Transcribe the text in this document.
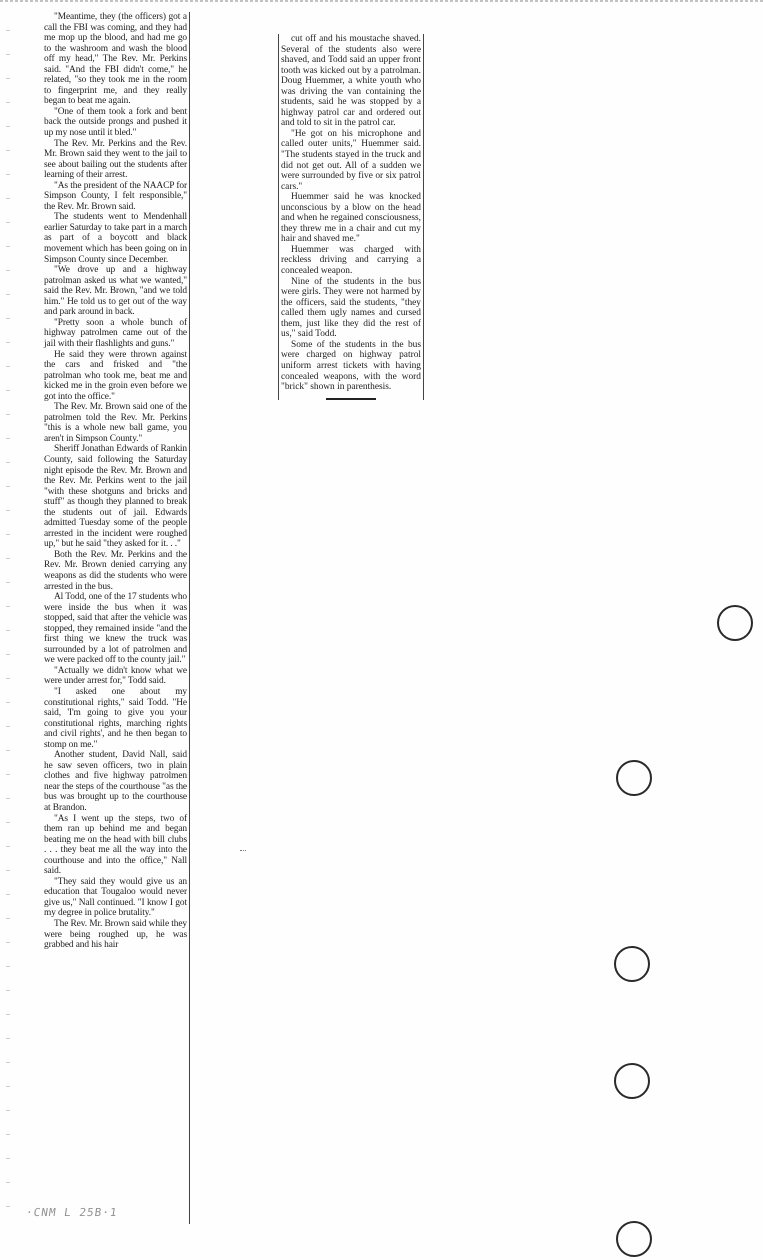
"Meantime, they (the officers) got a call the FBI was coming, and they had me mop up the blood, and had me go to the washroom and wash the blood off my head," The Rev. Mr. Perkins said. "And the FBI didn't come," he related, "so they took me in the room to fingerprint me, and they really began to beat me again.

"One of them took a fork and bent back the outside prongs and pushed it up my nose until it bled."

The Rev. Mr. Perkins and the Rev. Mr. Brown said they went to the jail to see about bailing out the students after learning of their arrest.

"As the president of the NAACP for Simpson County, I felt responsible," the Rev. Mr. Brown said.

The students went to Mendenhall earlier Saturday to take part in a march as part of a boycott and black movement which has been going on in Simpson County since December.

"We drove up and a highway patrolman asked us what we wanted," said the Rev. Mr. Brown, "and we told him." He told us to get out of the way and park around in back.

"Pretty soon a whole bunch of highway patrolmen came out of the jail with their flashlights and guns."

He said they were thrown against the cars and frisked and "the patrolman who took me, beat me and kicked me in the groin even before we got into the office."

The Rev. Mr. Brown said one of the patrolmen told the Rev. Mr. Perkins "this is a whole new ball game, you aren't in Simpson County."

Sheriff Jonathan Edwards of Rankin County, said following the Saturday night episode the Rev. Mr. Brown and the Rev. Mr. Perkins went to the jail "with these shotguns and bricks and stuff" as though they planned to break the students out of jail. Edwards admitted Tuesday some of the people arrested in the incident were roughed up," but he said "they asked for it. . ."

Both the Rev. Mr. Perkins and the Rev. Mr. Brown denied carrying any weapons as did the students who were arrested in the bus.

Al Todd, one of the 17 students who were inside the bus when it was stopped, said that after the vehicle was stopped, they remained inside "and the first thing we knew the truck was surrounded by a lot of patrolmen and we were packed off to the county jail."

"Actually we didn't know what we were under arrest for," Todd said.

"I asked one about my constitutional rights," said Todd. "He said, 'I'm going to give you your constitutional rights, marching rights and civil rights', and he then began to stomp on me."

Another student, David Nall, said he saw seven officers, two in plain clothes and five highway patrolmen near the steps of the courthouse "as the bus was brought up to the courthouse at Brandon.

"As I went up the steps, two of them ran up behind me and began beating me on the head with bill clubs . . . they beat me all the way into the courthouse and into the office," Nall said.

"They said they would give us an education that Tougaloo would never give us," Nall continued. "I know I got my degree in police brutality."

The Rev. Mr. Brown said while they were being roughed up, he was grabbed and his hair

cut off and his moustache shaved. Several of the students also were shaved, and Todd said an upper front tooth was kicked out by a patrolman. Doug Huemmer, a white youth who was driving the van containing the students, said he was stopped by a highway patrol car and ordered out and told to sit in the patrol car.

"He got on his microphone and called outer units," Huemmer said. "The students stayed in the truck and did not get out. All of a sudden we were surrounded by five or six patrol cars."

Huemmer said he was knocked unconscious by a blow on the head and when he regained consciousness, they threw me in a chair and cut my hair and shaved me."

Huemmer was charged with reckless driving and carrying a concealed weapon.

Nine of the students in the bus were girls. They were not harmed by the officers, said the students, "they called them ugly names and cursed them, just like they did the rest of us," said Todd.

Some of the students in the bus were charged on highway patrol uniform arrest tickets with having concealed weapons, with the word "brick" shown in parenthesis.

·CNM L 25B·1
